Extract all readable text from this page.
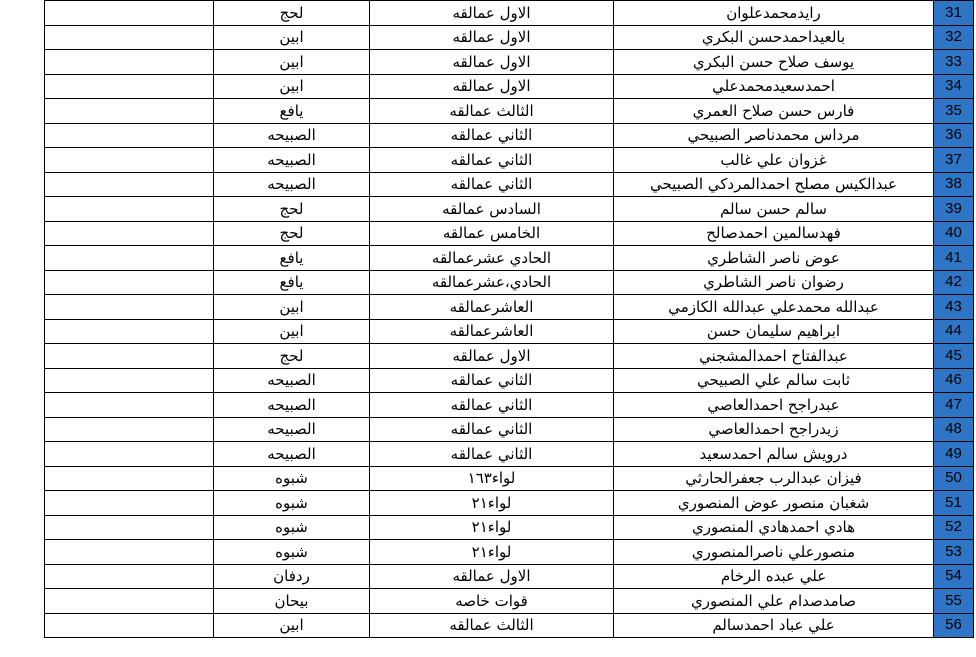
	لحج	الاول عمالقه	رايدمحمدعلوان	31
	ابين	الاول عمالقه	بالعيداحمدحسن البكري	32
	ابين	الاول عمالقه	يوسف صلاح حسن البكري	33
	ابين	الاول عمالقه	احمدسعيدمحمدعلي	34
	يافع	الثالث عمالقه	فارس حسن صلاح العمري	35
	الصبيحه	الثاني عمالقه	مرداس محمدناصر الصبيحي	36
	الصبيحه	الثاني عمالقه	غزوان علي غالب	37
	الصبيحه	الثاني عمالقه	عبدالكيس مصلح احمدالمردكي الصبيحي	38
	لحج	السادس عمالقه	سالم حسن سالم	39
	لحج	الخامس عمالقه	فهدسالمين احمدصالح	40
	يافع	الحادي عشرعمالقه	عوض ناصر الشاطري	41
	يافع	الحادي،عشرعمالقه	رضوان ناصر الشاطري	42
	ابين	العاشرعمالقه	عبدالله محمدعلي عبدالله الكازمي	43
	ابين	العاشرعمالقه	ابراهيم سليمان حسن	44
	لحج	الاول عمالقه	عبدالفتاح احمدالمشجني	45
	الصبيحه	الثاني عمالقه	ثابت سالم علي الصبيحي	46
	الصبيحه	الثاني عمالقه	عبدراجح احمدالعاصي	47
	الصبيحه	الثاني عمالقه	زيدراجح احمدالعاصي	48
	الصبيحه	الثاني عمالقه	درويش سالم احمدسعيد	49
	شبوه	لواء١٦٣	فيزان عبدالرب جعفرالحارثي	50
	شبوه	لواء٢١	شغبان منصور عوض المنصوري	51
	شبوه	لواء٢١	هادي احمدهادي المنصوري	52
	شبوه	لواء٢١	منصورعلي ناصرالمنصوري	53
	ردفان	الاول عمالقه	علي عبده الرخام	54
	بيحان	قوات خاصه	صامدصدام علي المنصوري	55
	ابين	الثالث عمالقه	علي عباد احمدسالم	56
